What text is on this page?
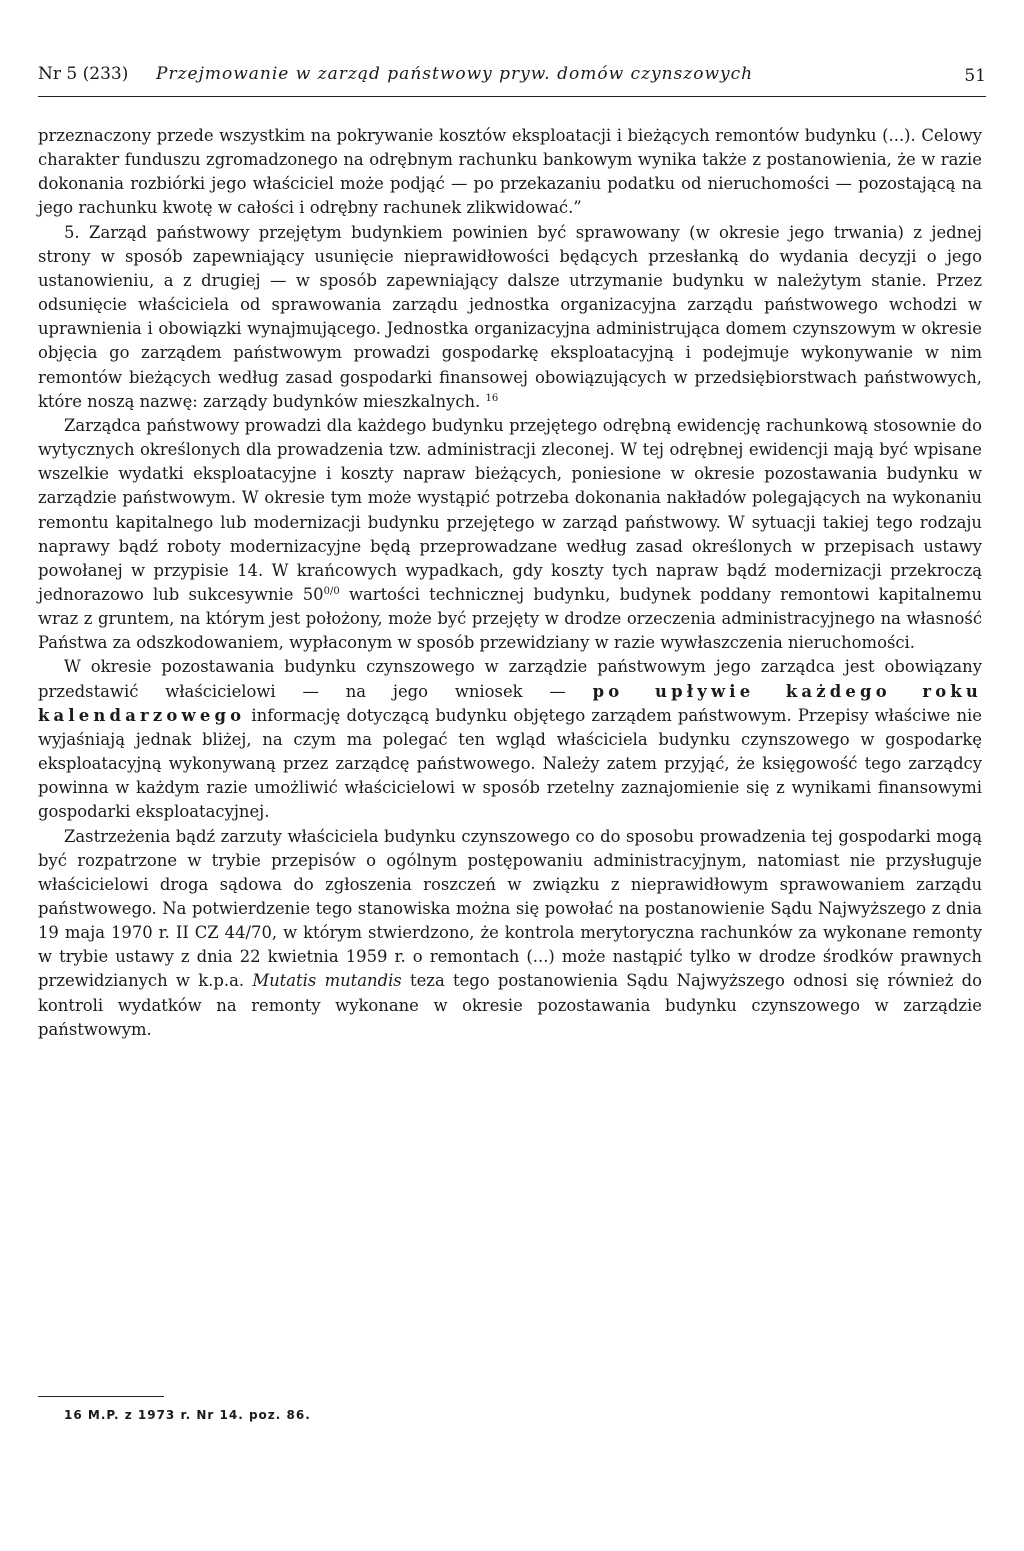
Nr 5 (233) Przejmowanie w zarząd państwowy pryw. domów czynszowych	51

przeznaczony przede wszystkim na pokrywanie kosztów eksploatacji i bieżących remontów budynku (...). Celowy charakter funduszu zgromadzonego na odrębnym rachunku bankowym wynika także z postanowienia, że w razie dokonania rozbiórki jego właściciel może podjąć — po przekazaniu podatku od nieruchomości — pozostającą na jego rachunku kwotę w całości i odrębny rachunek zlikwidować.”

5. Zarząd państwowy przejętym budynkiem powinien być sprawowany (w okresie jego trwania) z jednej strony w sposób zapewniający usunięcie nieprawidłowości będących przesłanką do wydania decyzji o jego ustanowieniu, a z drugiej — w sposób zapewniający dalsze utrzymanie budynku w należytym stanie. Przez odsunięcie właściciela od sprawowania zarządu jednostka organizacyjna zarządu państwowego wchodzi w uprawnienia i obowiązki wynajmującego. Jednostka organizacyjna administrująca domem czynszowym w okresie objęcia go zarządem państwowym prowadzi gospodarkę eksploatacyjną i podejmuje wykonywanie w nim remontów bieżących według zasad gospodarki finansowej obowiązujących w przedsiębiorstwach państwowych, które noszą nazwę: zarządy budynków mieszkalnych. $^{16}$

Zarządca państwowy prowadzi dla każdego budynku przejętego odrębną ewidencję rachunkową stosownie do wytycznych określonych dla prowadzenia tzw. administracji zleconej. W tej odrębnej ewidencji mają być wpisane wszelkie wydatki eksploatacyjne i koszty napraw bieżących, poniesione w okresie pozostawania budynku w zarządzie państwowym. W okresie tym może wystąpić potrzeba dokonania nakładów polegających na wykonaniu remontu kapitalnego lub modernizacji budynku przejętego w zarząd państwowy. W sytuacji takiej tego rodzaju naprawy bądź roboty modernizacyjne będą przeprowadzane według zasad określonych w przepisach ustawy powołanej w przypisie 14. W krańcowych wypadkach, gdy koszty tych napraw bądź modernizacji przekroczą jednorazowo lub sukcesywnie $50^{0/0}$ wartości technicznej budynku, budynek poddany remontowi kapitalnemu wraz z gruntem, na którym jest położony, może być przejęty w drodze orzeczenia administracyjnego na własność Państwa za odszkodowaniem, wypłaconym w sposób przewidziany w razie wywłaszczenia nieruchomości.

W okresie pozostawania budynku czynszowego w zarządzie państwowym jego zarządca jest obowiązany przedstawić właścicielowi — na jego wniosek — po upływie każdego roku kalendarzowego informację dotyczącą budynku objętego zarządem państwowym. Przepisy właściwe nie wyjaśniają jednak bliżej, na czym ma polegać ten wgląd właściciela budynku czynszowego w gospodarkę eksploatacyjną wykonywaną przez zarządcę państwowego. Należy zatem przyjąć, że księgowość tego zarządcy powinna w każdym razie umożliwić właścicielowi w sposób rzetelny zaznajomienie się z wynikami finansowymi gospodarki eksploatacyjnej.

Zastrzeżenia bądź zarzuty właściciela budynku czynszowego co do sposobu prowadzenia tej gospodarki mogą być rozpatrzone w trybie przepisów o ogólnym postępowaniu administracyjnym, natomiast nie przysługuje właścicielowi droga sądowa do zgłoszenia roszczeń w związku z nieprawidłowym sprawowaniem zarządu państwowego. Na potwierdzenie tego stanowiska można się powołać na postanowienie Sądu Najwyższego z dnia 19 maja 1970 r. II CZ 44/70, w którym stwierdzono, że kontrola merytoryczna rachunków za wykonane remonty w trybie ustawy z dnia 22 kwietnia 1959 r. o remontach (...) może nastąpić tylko w drodze środków prawnych przewidzianych w k.p.a. Mutatis mutandis teza tego postanowienia Sądu Najwyższego odnosi się również do kontroli wydatków na remonty wykonane w okresie pozostawania budynku czynszowego w zarządzie państwowym.

16 M.P. z 1973 r. Nr 14. poz. 86.
